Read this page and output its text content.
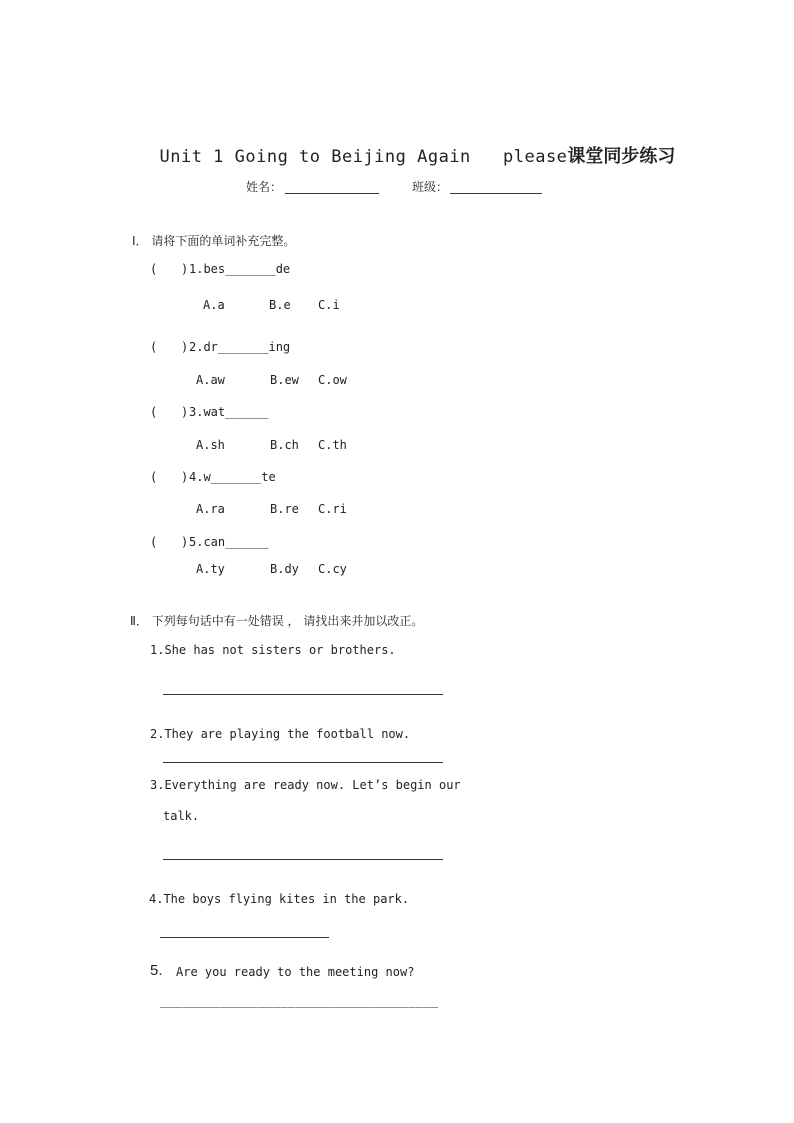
Unit 1 Going to Beijing Again   please课堂同步练习

姓名：	班级：
Ⅰ． 请将下面的单词补充完整。
( ) 1.bes_______de
A.a	B.e C.i
( ) 2.dr_______ing
A.aw	B.ew C.ow
( ) 3.wat______
A.sh	B.ch C.th
( ) 4.w_______te
A.ra	B.re C.ri
( ) 5.can______
A.ty	B.dy C.cy
Ⅱ． 下列每句话中有一处错误 ， 请找出来并加以改正。
1.She has not sisters or brothers.
2.They are playing the football now.
3.Everything are ready now. Let’s begin our
talk.
4.The boys flying kites in the park.
5. Are you ready to the meeting now?
_____________________________________
